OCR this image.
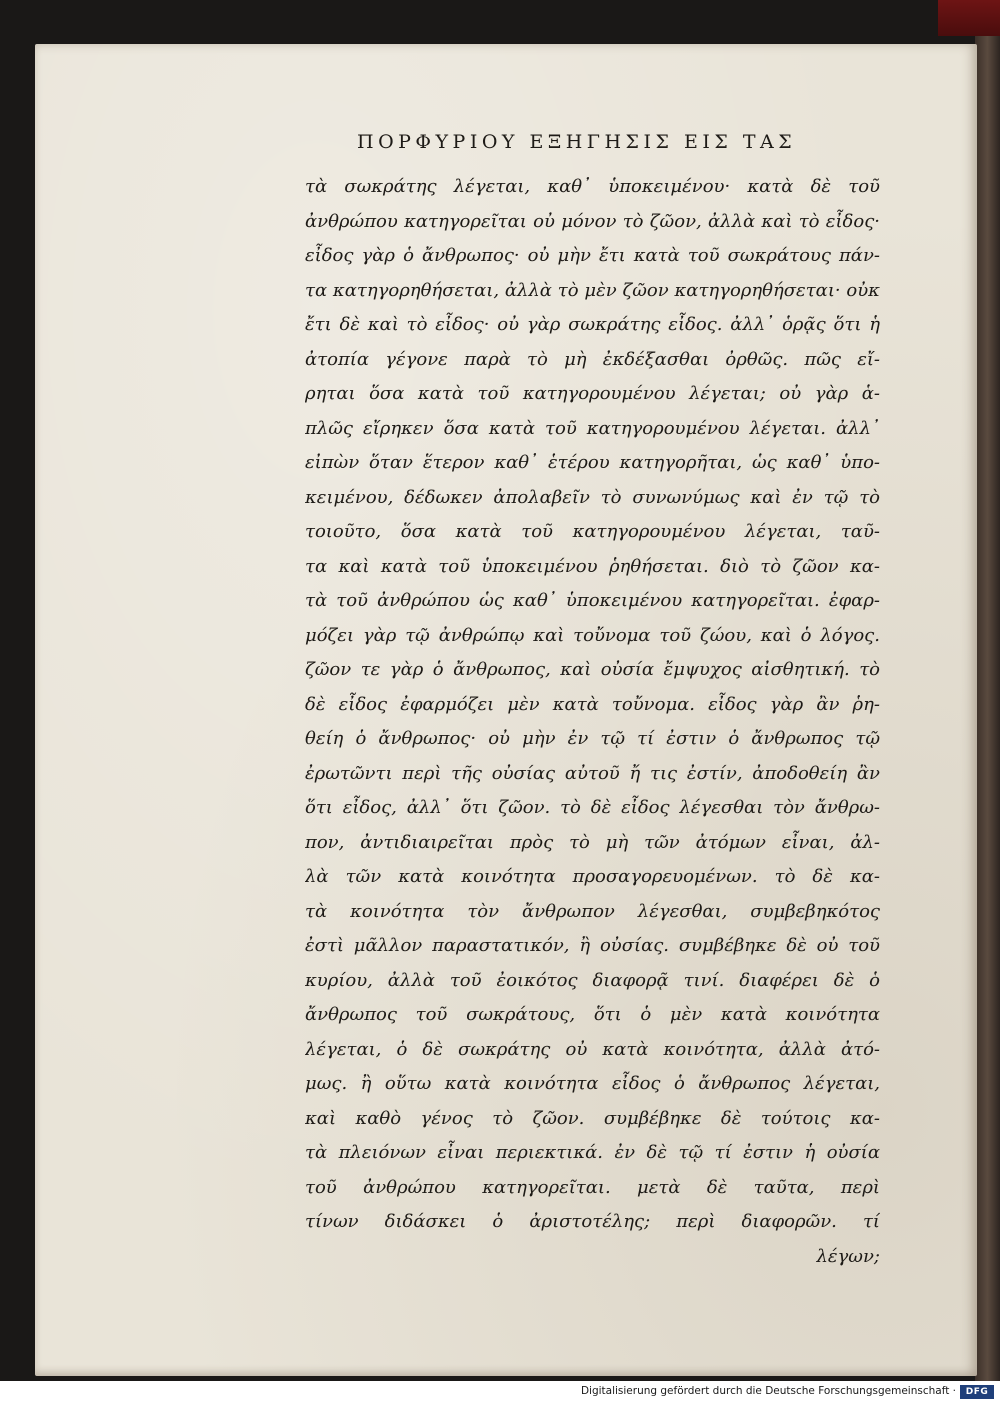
ΠΟΡΦΥΡΙΟΥ ΕΞΗΓΗΣΙΣ ΕΙΣ ΤΑΣ
τὰ σωκράτης λέγεται, καθ᾽ ὑποκειμένου· κατὰ δὲ τοῦ
ἀνθρώπου κατηγορεῖται οὐ μόνον τὸ ζῶον, ἀλλὰ καὶ τὸ εἶδος·
εἶδος γὰρ ὁ ἄνθρωπος· οὐ μὴν ἔτι κατὰ τοῦ σωκράτους πάν-
τα κατηγορηθήσεται, ἀλλὰ τὸ μὲν ζῶον κατηγορηθήσεται· οὐκ
ἔτι δὲ καὶ τὸ εἶδος· οὐ γὰρ σωκράτης εἶδος. ἀλλ᾽ ὁρᾷς ὅτι ἡ
ἀτοπία γέγονε παρὰ τὸ μὴ ἐκδέξασθαι ὀρθῶς. πῶς εἴ-
ρηται ὅσα κατὰ τοῦ κατηγορουμένου λέγεται; οὐ γὰρ ἁ-
πλῶς εἴρηκεν ὅσα κατὰ τοῦ κατηγορουμένου λέγεται. ἀλλ᾽
εἰπὼν ὅταν ἕτερον καθ᾽ ἑτέρου κατηγορῆται, ὡς καθ᾽ ὑπο-
κειμένου, δέδωκεν ἀπολαβεῖν τὸ συνωνύμως καὶ ἐν τῷ τὸ
τοιοῦτο, ὅσα κατὰ τοῦ κατηγορουμένου λέγεται, ταῦ-
τα καὶ κατὰ τοῦ ὑποκειμένου ῥηθήσεται. διὸ τὸ ζῶον κα-
τὰ τοῦ ἀνθρώπου ὡς καθ᾽ ὑποκειμένου κατηγορεῖται. ἐφαρ-
μόζει γὰρ τῷ ἀνθρώπῳ καὶ τοὔνομα τοῦ ζώου, καὶ ὁ λόγος.
ζῶον τε γὰρ ὁ ἄνθρωπος, καὶ οὐσία ἔμψυχος αἰσθητική. τὸ
δὲ εἶδος ἐφαρμόζει μὲν κατὰ τοὔνομα. εἶδος γὰρ ἂν ῥη-
θείη ὁ ἄνθρωπος· οὐ μὴν ἐν τῷ τί ἐστιν ὁ ἄνθρωπος τῷ
ἐρωτῶντι περὶ τῆς οὐσίας αὐτοῦ ἤ τις ἐστίν, ἀποδοθείη ἂν
ὅτι εἶδος, ἀλλ᾽ ὅτι ζῶον. τὸ δὲ εἶδος λέγεσθαι τὸν ἄνθρω-
πον, ἀντιδιαιρεῖται πρὸς τὸ μὴ τῶν ἀτόμων εἶναι, ἀλ-
λὰ τῶν κατὰ κοινότητα προσαγορευομένων. τὸ δὲ κα-
τὰ κοινότητα τὸν ἄνθρωπον λέγεσθαι, συμβεβηκότος
ἐστὶ μᾶλλον παραστατικόν, ἢ οὐσίας. συμβέβηκε δὲ οὐ τοῦ
κυρίου, ἀλλὰ τοῦ ἐοικότος διαφορᾷ τινί. διαφέρει δὲ ὁ
ἄνθρωπος τοῦ σωκράτους, ὅτι ὁ μὲν κατὰ κοινότητα
λέγεται, ὁ δὲ σωκράτης οὐ κατὰ κοινότητα, ἀλλὰ ἀτό-
μως. ἢ οὕτω κατὰ κοινότητα εἶδος ὁ ἄνθρωπος λέγεται,
καὶ καθὸ γένος τὸ ζῶον. συμβέβηκε δὲ τούτοις κα-
τὰ πλειόνων εἶναι περιεκτικά. ἐν δὲ τῷ τί ἐστιν ἡ οὐσία
τοῦ ἀνθρώπου κατηγορεῖται. μετὰ δὲ ταῦτα, περὶ
τίνων διδάσκει ὁ ἀριστοτέλης; περὶ διαφορῶν. τί
λέγων;
Digitalisierung gefördert durch die Deutsche Forschungsgemeinschaft ·	DFG
